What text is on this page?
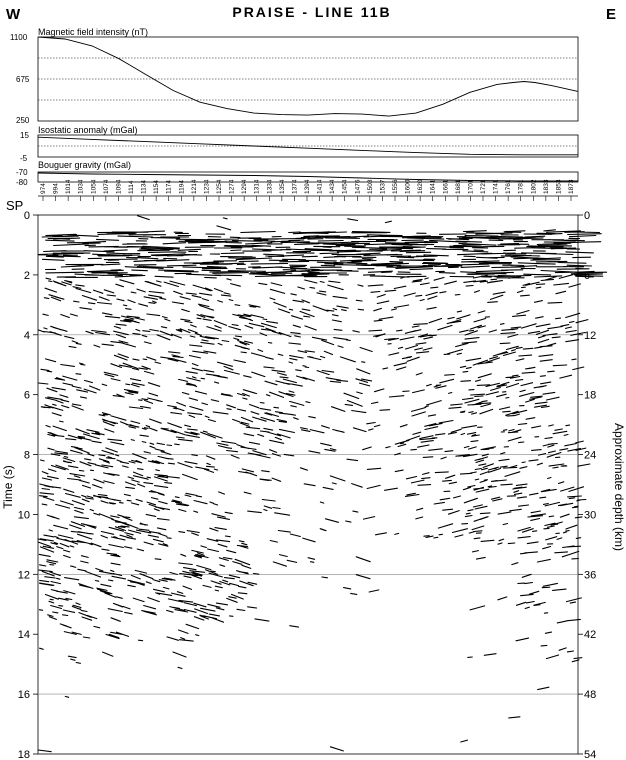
PRAISE - LINE 11B
W	E
Magnetic field intensity (nT)
Isostatic anomaly (mGal)
Bouguer gravity (mGal)
1100
675
250
15
-5
-70
-80
SP
Time (s)	Approximate depth (km)
974 994 1014 1034 1054 1074 1094 1114 1134 1154 1174 1194 1214 1234 1254 1274 1294 1314 1334 1354 1374 1394 1414 1434 1454 1476 1503 1537 1556 1600 1620 1641 1661 1681 1701 1721 1741 1761 1781 1802 1833 1853 1873
0	0
2	6
4	12
6	18
8	24
10	30
12	36
14	42
16	48
18	54
